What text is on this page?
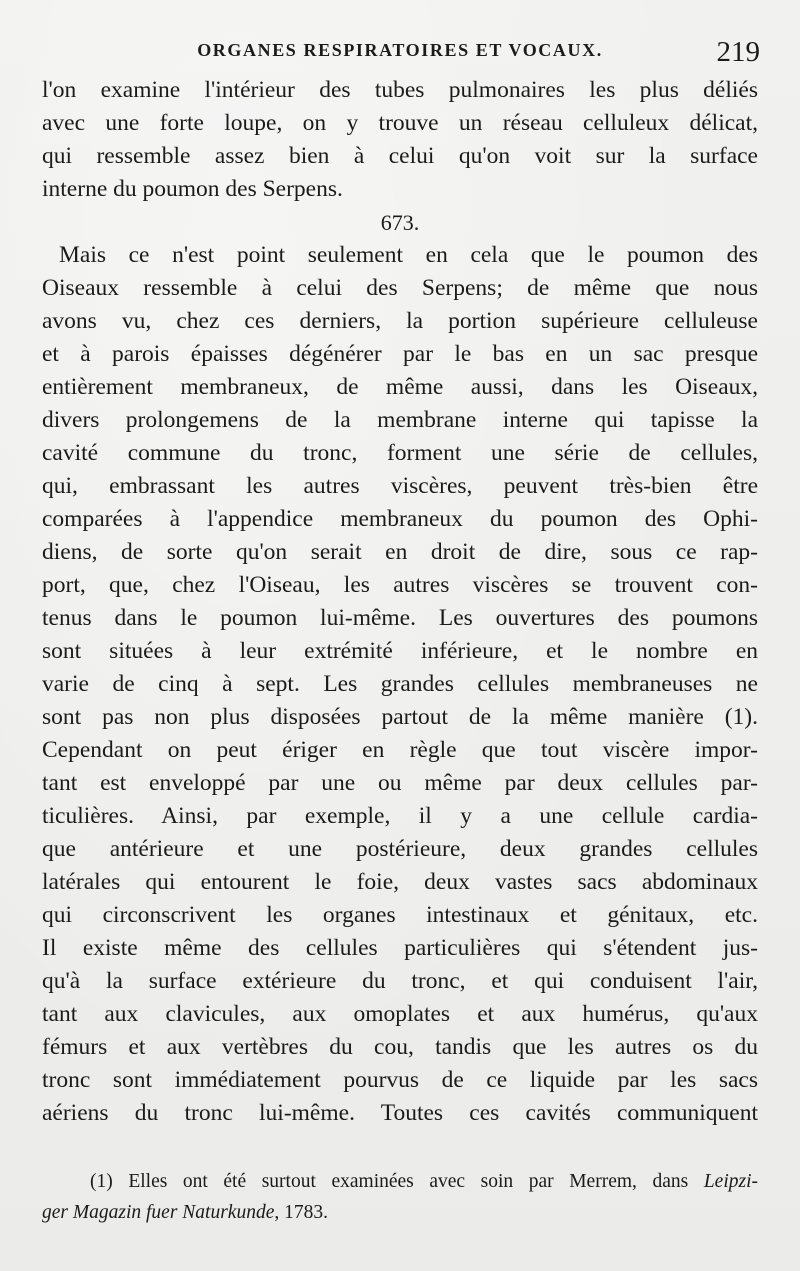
ORGANES RESPIRATOIRES ET VOCAUX.	219
l'on examine l'intérieur des tubes pulmonaires les plus déliés
avec une forte loupe, on y trouve un réseau celluleux délicat,
qui ressemble assez bien à celui qu'on voit sur la surface
interne du poumon des Serpens.
673.
Mais ce n'est point seulement en cela que le poumon des
Oiseaux ressemble à celui des Serpens; de même que nous
avons vu, chez ces derniers, la portion supérieure celluleuse
et à parois épaisses dégénérer par le bas en un sac presque
entièrement membraneux, de même aussi, dans les Oiseaux,
divers prolongemens de la membrane interne qui tapisse la
cavité commune du tronc, forment une série de cellules,
qui, embrassant les autres viscères, peuvent très-bien être
comparées à l'appendice membraneux du poumon des Ophi-
diens, de sorte qu'on serait en droit de dire, sous ce rap-
port, que, chez l'Oiseau, les autres viscères se trouvent con-
tenus dans le poumon lui-même. Les ouvertures des poumons
sont situées à leur extrémité inférieure, et le nombre en
varie de cinq à sept. Les grandes cellules membraneuses ne
sont pas non plus disposées partout de la même manière (1).
Cependant on peut ériger en règle que tout viscère impor-
tant est enveloppé par une ou même par deux cellules par-
ticulières. Ainsi, par exemple, il y a une cellule cardia-
que antérieure et une postérieure, deux grandes cellules
latérales qui entourent le foie, deux vastes sacs abdominaux
qui circonscrivent les organes intestinaux et génitaux, etc.
Il existe même des cellules particulières qui s'étendent jus-
qu'à la surface extérieure du tronc, et qui conduisent l'air,
tant aux clavicules, aux omoplates et aux humérus, qu'aux
fémurs et aux vertèbres du cou, tandis que les autres os du
tronc sont immédiatement pourvus de ce liquide par les sacs
aériens du tronc lui-même. Toutes ces cavités communiquent
(1) Elles ont été surtout examinées avec soin par Merrem, dans Leipzi-
ger Magazin fuer Naturkunde, 1783.
